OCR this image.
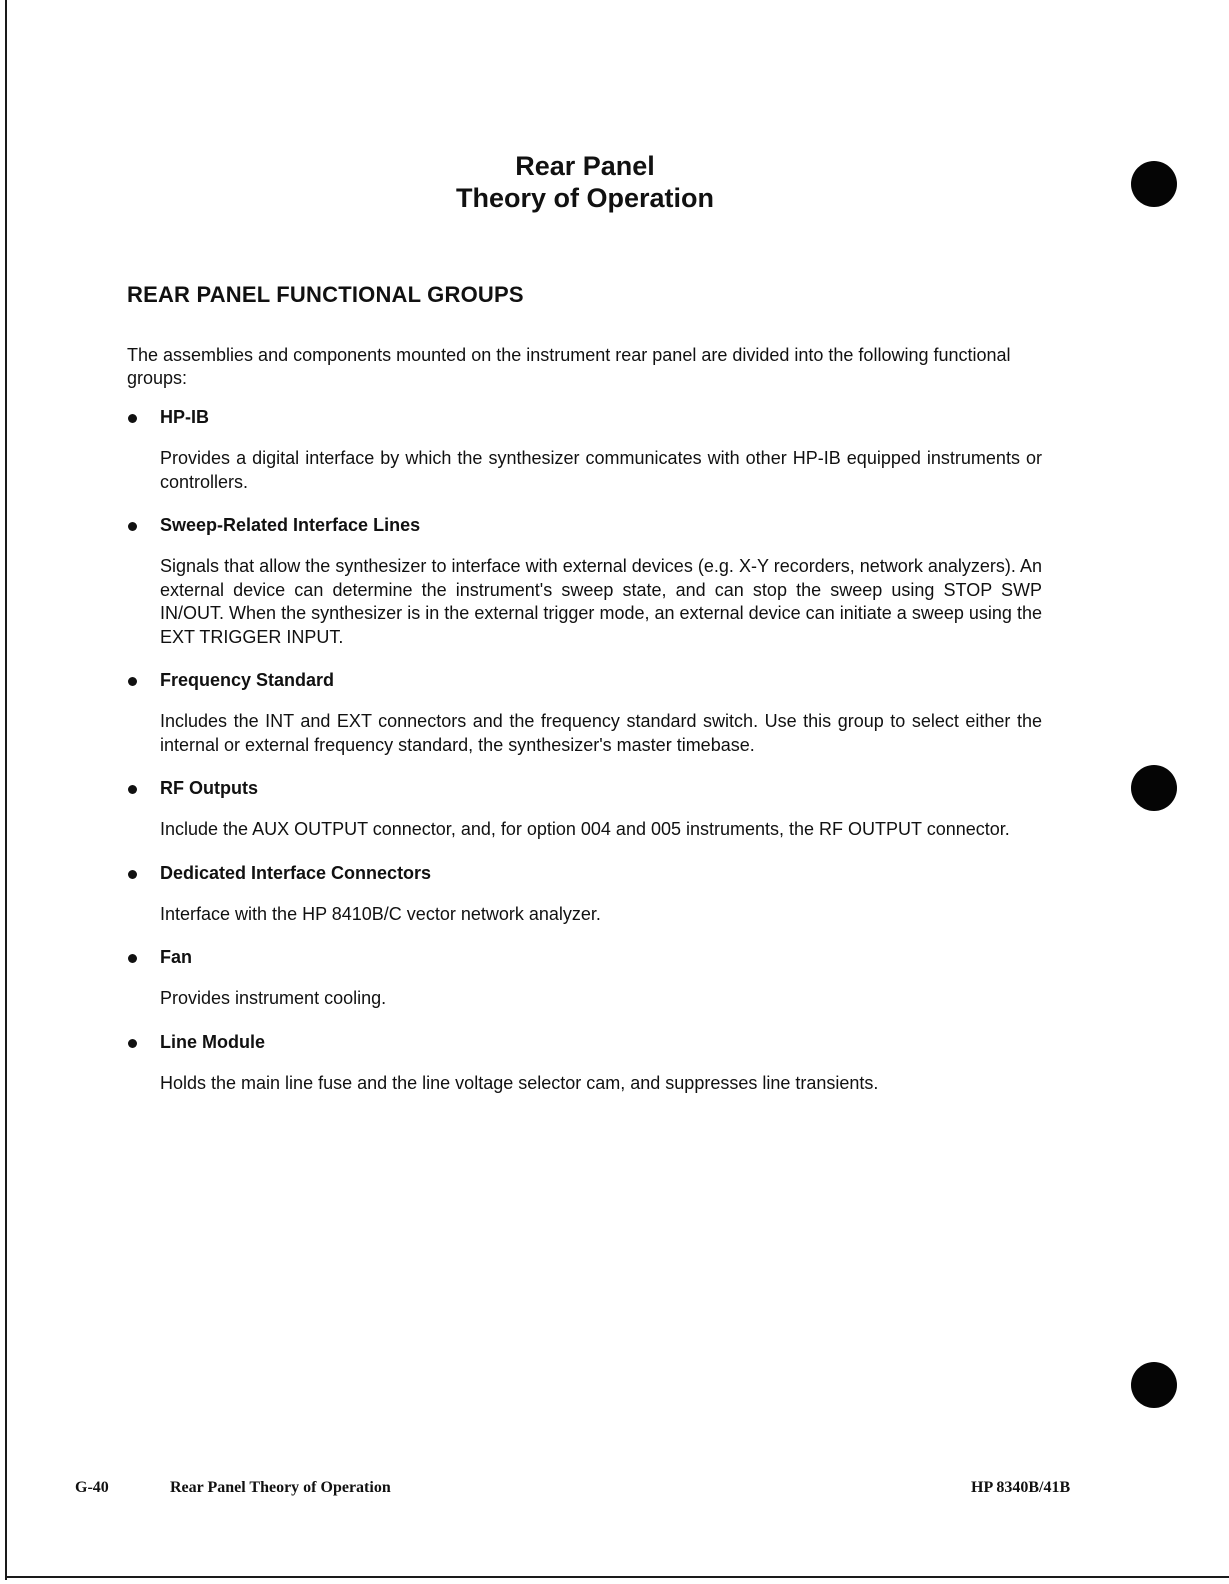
Rear Panel
Theory of Operation
REAR PANEL FUNCTIONAL GROUPS

The assemblies and components mounted on the instrument rear panel are divided into the following functional groups:

HP-IB
Provides a digital interface by which the synthesizer communicates with other HP-IB equipped instruments or controllers.
Sweep-Related Interface Lines
Signals that allow the synthesizer to interface with external devices (e.g. X-Y recorders, network analyzers). An external device can determine the instrument's sweep state, and can stop the sweep using STOP SWP IN/OUT. When the synthesizer is in the external trigger mode, an external device can initiate a sweep using the EXT TRIGGER INPUT.
Frequency Standard
Includes the INT and EXT connectors and the frequency standard switch. Use this group to select either the internal or external frequency standard, the synthesizer's master timebase.
RF Outputs
Include the AUX OUTPUT connector, and, for option 004 and 005 instruments, the RF OUTPUT connector.
Dedicated Interface Connectors
Interface with the HP 8410B/C vector network analyzer.
Fan
Provides instrument cooling.
Line Module
Holds the main line fuse and the line voltage selector cam, and suppresses line transients.
G-40	Rear Panel Theory of Operation	HP 8340B/41B
